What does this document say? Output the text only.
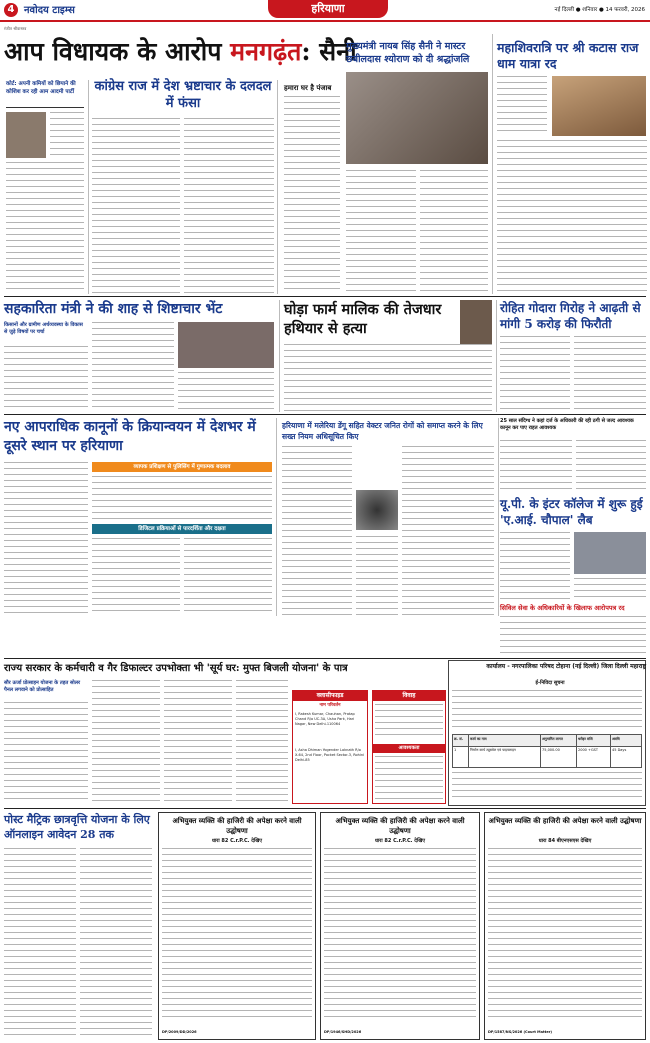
4 नवोदय टाइम्स	हरियाणा	नई दिल्ली ● शनिवार ● 14 फरवरी, 2026
आप विधायक के आरोप मनगढ़ंत: सैनी
रंजीत श्रीवास्तव
कोर्ट: अपनी कमियों को छिपाने की कोशिश कर रही आम आदमी पार्टी	कांग्रेस राज में देश भ्रष्टाचार के दलदल में फंसा
हमारा घर है पंजाब
मुख्यमंत्री नायब सिंह सैनी ने मास्टर छबीलदास श्योराण को दी श्रद्धांजलि
महाशिवरात्रि पर श्री कटास राज धाम यात्रा रद
सहकारिता मंत्री ने की शाह से शिष्टाचार भेंट
किसानों और ग्रामीण अर्थव्यवस्था के विकास से जुड़े विषयों पर चर्चा
घोड़ा फार्म मालिक की तेजधार हथियार से हत्या
रोहित गोदारा गिरोह ने आढ़ती से मांगी 5 करोड़ की फिरौती
नए आपराधिक कानूनों के क्रियान्वयन में देशभर में दूसरे स्थान पर हरियाणा
व्यापक प्रशिक्षण से पुलिसिंग में गुणात्मक बदलाव
डिजिटल प्रक्रियाओं से पारदर्शिता और दक्षता
हरियाणा में मलेरिया डेंगू सहित वेक्टर जनित रोगों को समाप्त करने के लिए सख्त नियम अधिसूचित किए
25 साल संदिग्ध ने कहां दर्ज के अधिकारी की रही ठगी से जल्द आवश्यक कानून कर पाए राहत आवश्यक
यू.पी. के इंटर कॉलेज में शुरू हुई 'ए.आई. चौपाल' लैब
सिविल सेवा के अधिकारियों के खिलाफ आरोपपत्र रद
राज्य सरकार के कर्मचारी व गैर डिफाल्टर उपभोक्ता भी 'सूर्य घर: मुफ्त बिजली योजना' के पात्र
सौर ऊर्जा प्रोत्साहन योजना के तहत सोलर पैनल लगवाने को प्रोत्साहित
कार्यालय - नगरपालिका परिषद टोहाना (नई दिल्ली) जिला दिल्ली महाराष्ट्र
ई-निविदा सूचना
क्र. सं.	कार्य का नाम	अनुमानित लागत	धरोहर राशि	अवधि
1	निर्माण कार्य ट्यूबवेल एवं पाइपलाइन	75,000.00	2000 +GST	45 Days
क्लासीफाइड
नाम परिवर्तन
I, Rakesh Kumar, Chauhan, Pratap Chand R/o UC-3A, Usha Park, Hari Nagar, New Delhi-110064
I, Asha Dhiman Yogender Loknath R/o X-64, 2nd Floor, Pocket Sector-3, Rohini Delhi-85
विवाह
आवश्यकता
पोस्ट मैट्रिक छात्रवृत्ति योजना के लिए ऑनलाइन आवेदन 28 तक
अभियुक्त व्यक्ति की हाजिरी की अपेक्षा करने वाली उद्घोषणा
धारा 82 C.r.P.C. देखिए
DP/2009/DD/2026
अभियुक्त व्यक्ति की हाजिरी की अपेक्षा करने वाली उद्घोषणा
धारा 82 C.r.P.C. देखिए
DP/1946/SHD/2026
अभियुक्त व्यक्ति की हाजिरी की अपेक्षा करने वाली उद्घोषणा
धारा 84 बीएनएसएस देखिए
DP/1587/NS/2026 (Court Matter)
